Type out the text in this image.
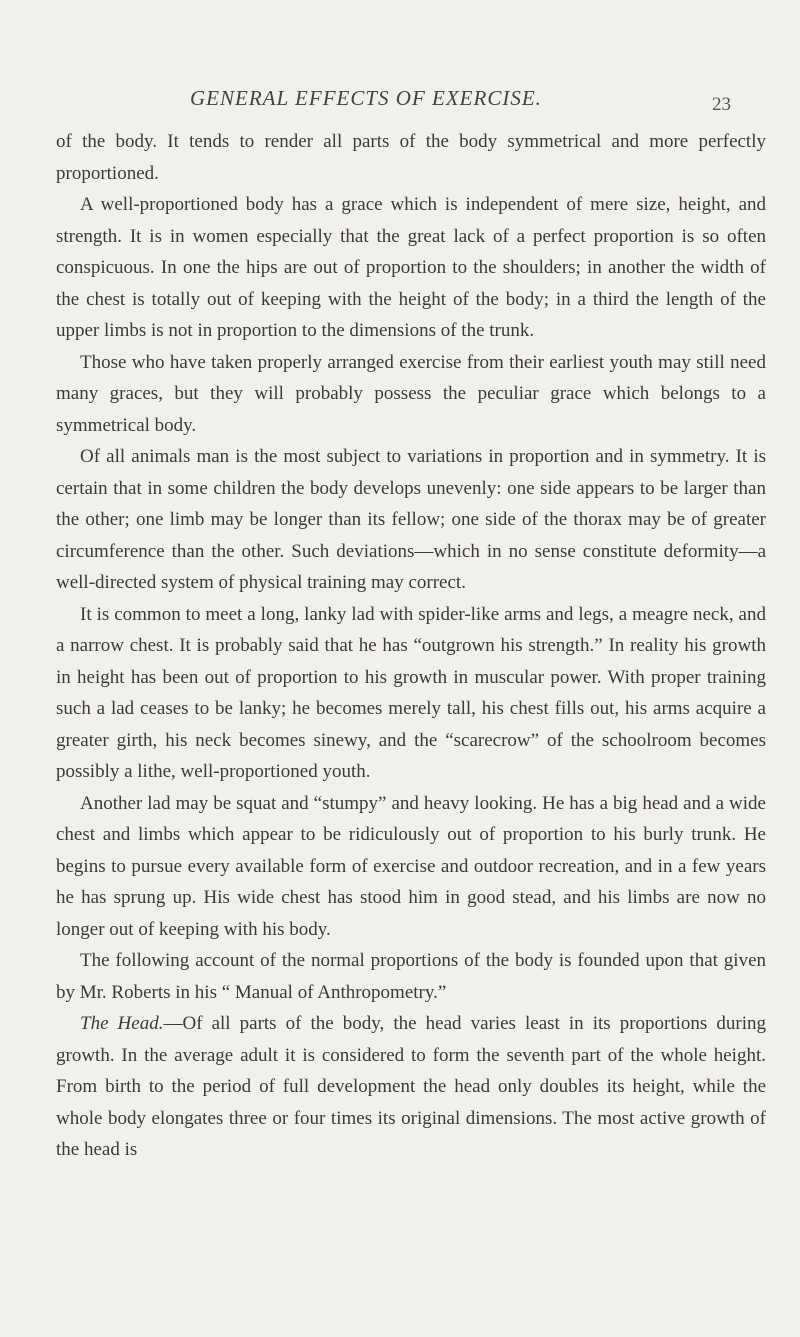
GENERAL EFFECTS OF EXERCISE.	23

of the body. It tends to render all parts of the body symmetrical and more perfectly proportioned.

A well-proportioned body has a grace which is independent of mere size, height, and strength. It is in women especially that the great lack of a perfect proportion is so often conspicuous. In one the hips are out of proportion to the shoulders; in another the width of the chest is totally out of keeping with the height of the body; in a third the length of the upper limbs is not in proportion to the dimensions of the trunk.

Those who have taken properly arranged exercise from their earliest youth may still need many graces, but they will probably possess the peculiar grace which belongs to a symmetrical body.

Of all animals man is the most subject to variations in proportion and in symmetry. It is certain that in some children the body develops unevenly: one side appears to be larger than the other; one limb may be longer than its fellow; one side of the thorax may be of greater circumference than the other. Such deviations—which in no sense constitute deformity—a well-directed system of physical training may correct.

It is common to meet a long, lanky lad with spider-like arms and legs, a meagre neck, and a narrow chest. It is probably said that he has “outgrown his strength.” In reality his growth in height has been out of proportion to his growth in muscular power. With proper training such a lad ceases to be lanky; he becomes merely tall, his chest fills out, his arms acquire a greater girth, his neck becomes sinewy, and the “scarecrow” of the schoolroom becomes possibly a lithe, well-proportioned youth.

Another lad may be squat and “stumpy” and heavy looking. He has a big head and a wide chest and limbs which appear to be ridiculously out of proportion to his burly trunk. He begins to pursue every available form of exercise and outdoor recreation, and in a few years he has sprung up. His wide chest has stood him in good stead, and his limbs are now no longer out of keeping with his body.

The following account of the normal proportions of the body is founded upon that given by Mr. Roberts in his “ Manual of Anthropometry.”

The Head.—Of all parts of the body, the head varies least in its proportions during growth. In the average adult it is considered to form the seventh part of the whole height. From birth to the period of full development the head only doubles its height, while the whole body elongates three or four times its original dimensions. The most active growth of the head is
